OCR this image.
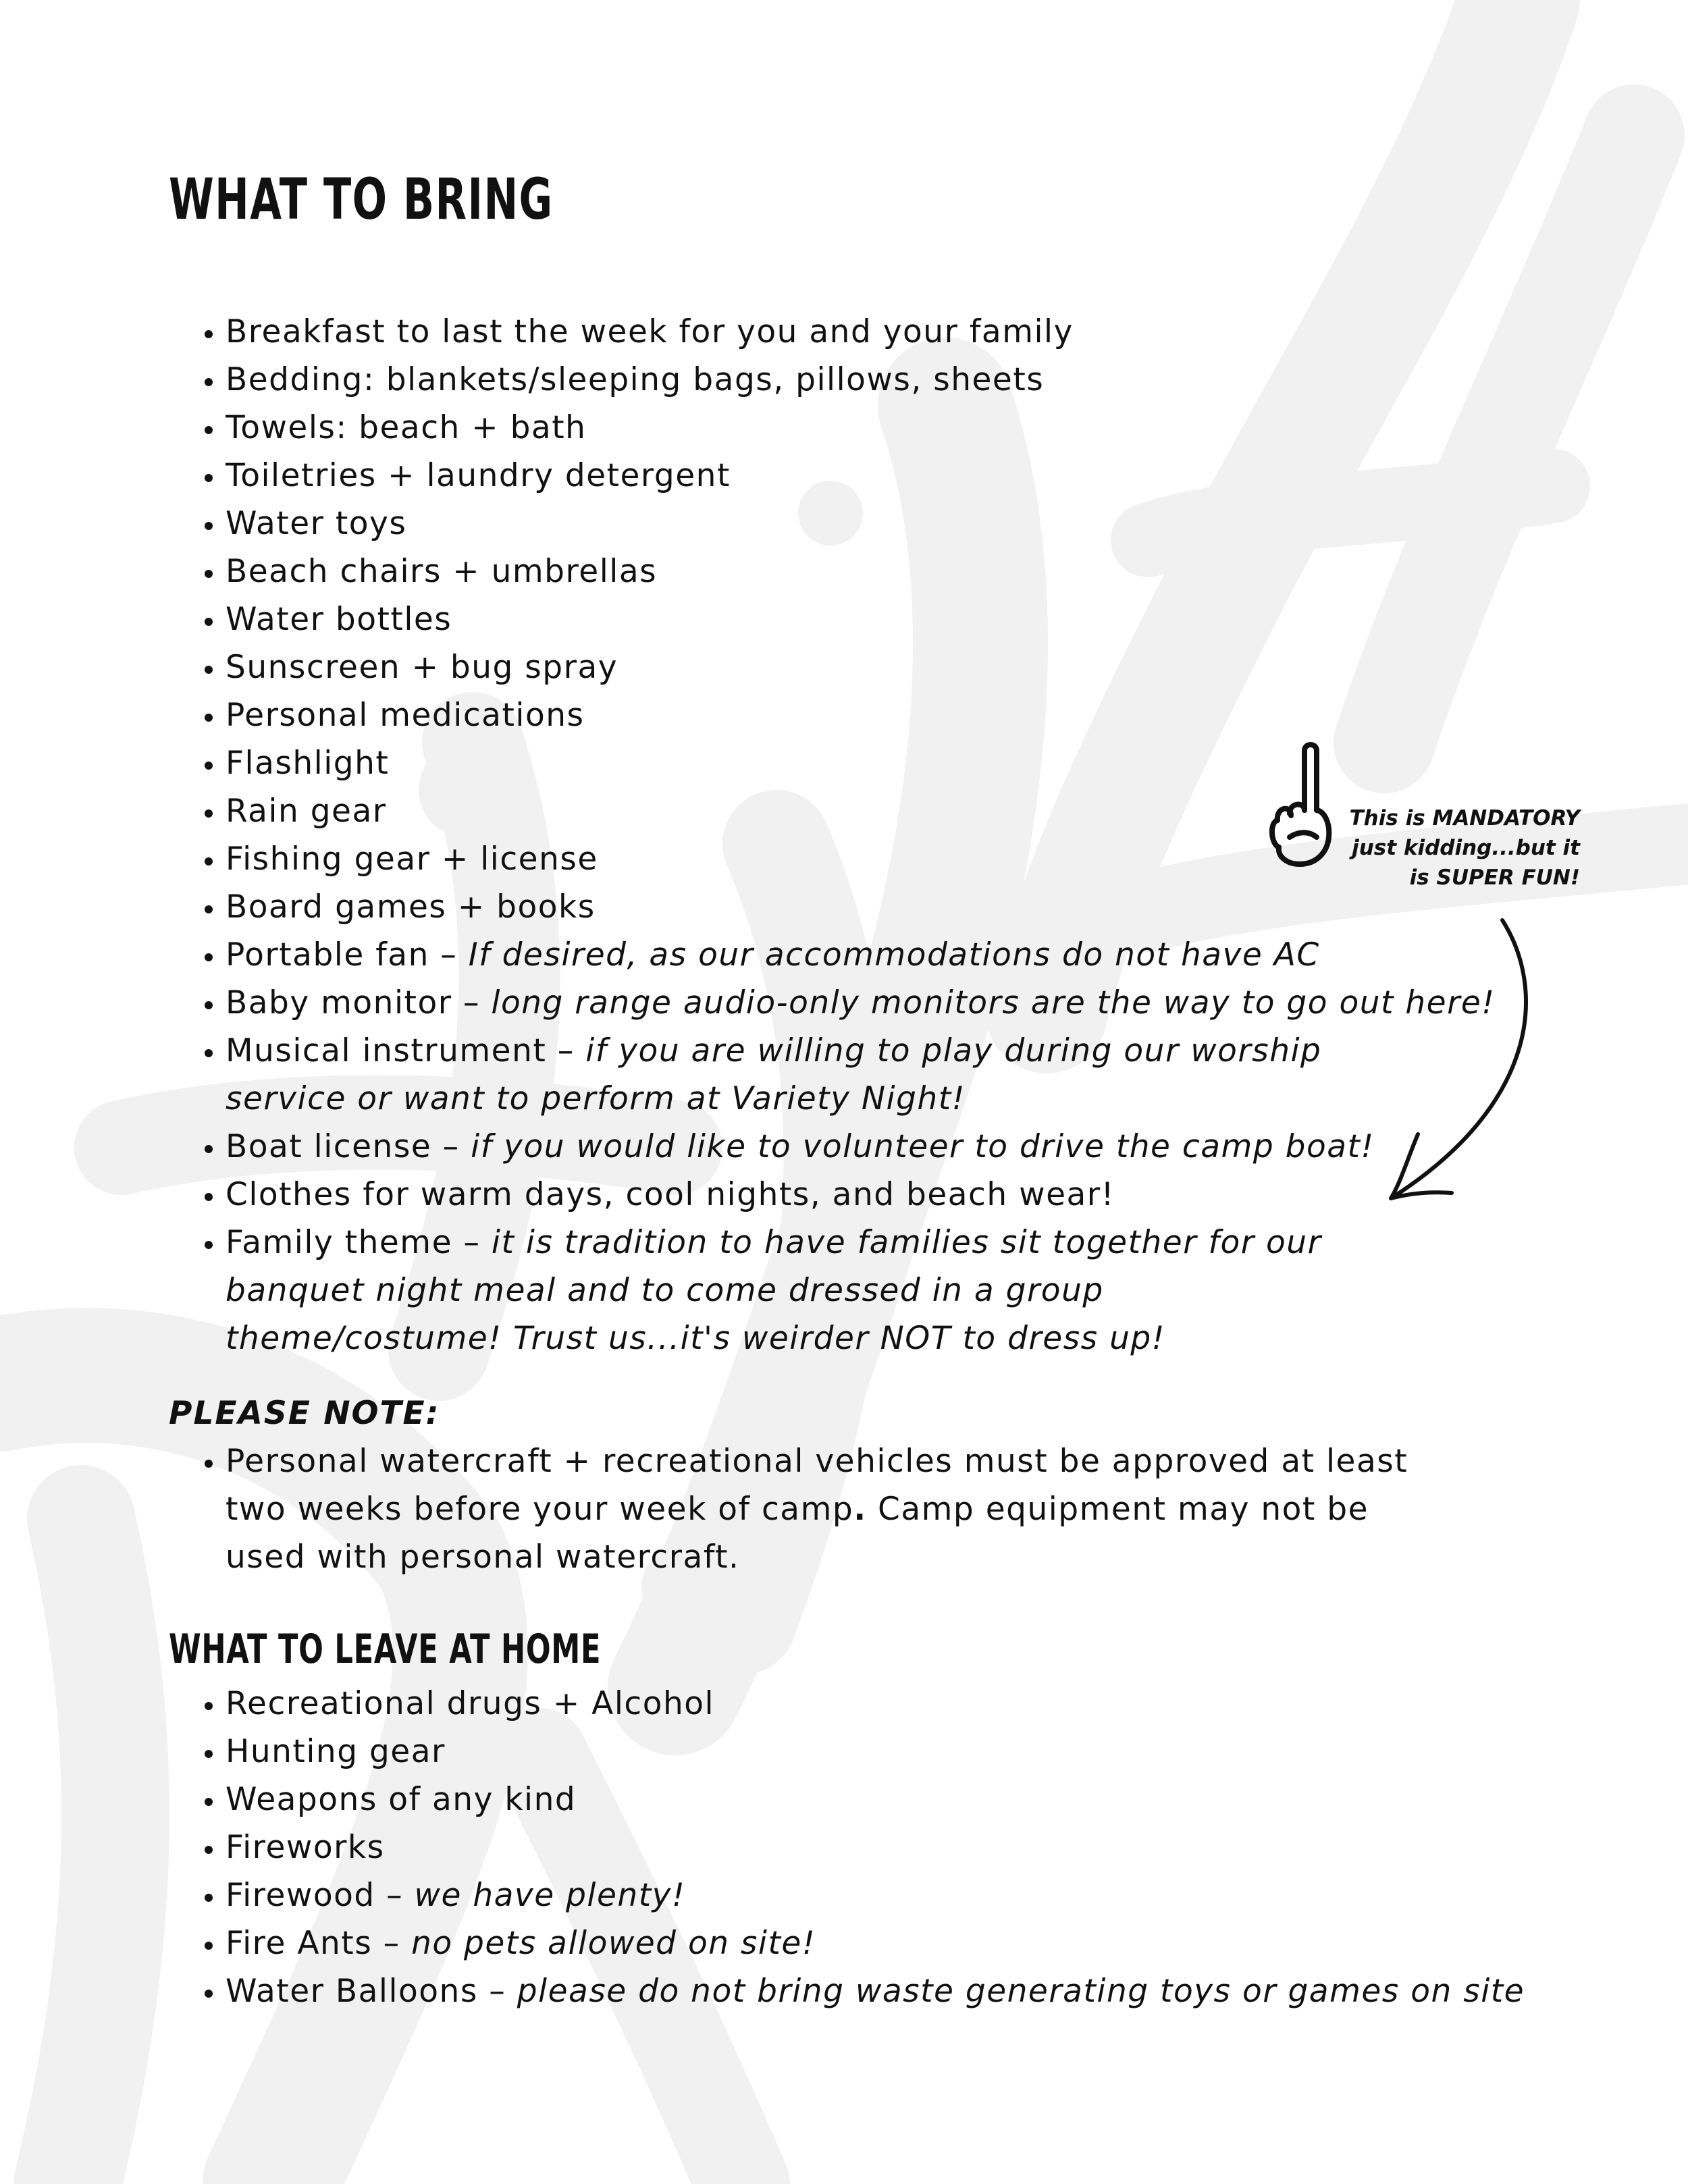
WHAT TO BRING
• Breakfast to last the week for you and your family
• Bedding: blankets/sleeping bags, pillows, sheets
• Towels: beach + bath
• Toiletries + laundry detergent
• Water toys
• Beach chairs + umbrellas
• Water bottles
• Sunscreen + bug spray
• Personal medications
• Flashlight
• Rain gear
• Fishing gear + license
• Board games + books
• Portable fan – If desired, as our accommodations do not have AC
• Baby monitor – long range audio-only monitors are the way to go out here!
• Musical instrument – if you are willing to play during our worship service or want to perform at Variety Night!
• Boat license – if you would like to volunteer to drive the camp boat!
• Clothes for warm days, cool nights, and beach wear!
• Family theme – it is tradition to have families sit together for our banquet night meal and to come dressed in a group theme/costume! Trust us...it's weirder NOT to dress up!

PLEASE NOTE:

• Personal watercraft + recreational vehicles must be approved at least two weeks before your week of camp. Camp equipment may not be used with personal watercraft.
WHAT TO LEAVE AT HOME
• Recreational drugs + Alcohol
• Hunting gear
• Weapons of any kind
• Fireworks
• Firewood – we have plenty!
• Fire Ants – no pets allowed on site!
• Water Balloons – please do not bring waste generating toys or games on site
This is MANDATORY
just kidding...but it
is SUPER FUN!
